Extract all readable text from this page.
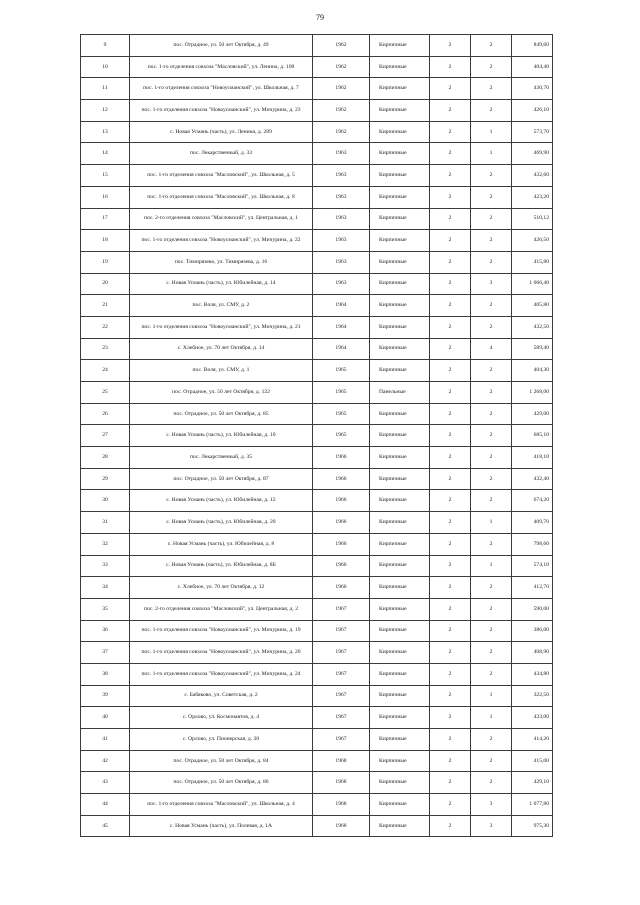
79
9	пос. Отрадное, ул. 50 лет Октября, д. 49	1962	Кирпичные	2	2	849,60
10	пос. 1-го отделения совхоза "Масловский", ул. Ленина, д. 108	1962	Кирпичные	2	2	404,40
11	пос. 1-го отделения совхоза "Новоусманский", ул. Школьная, д. 7	1962	Кирпичные	2	2	430,70
12	пос. 1-го отделения совхоза "Новоусманский", ул. Мичурина, д. 23	1962	Кирпичные	2	2	426,10
13	с. Новая Усмань (часть), ул. Ленина, д. 289	1962	Кирпичные	2	1	573,70
14	пос. Лекарственный, д. 33	1963	Кирпичные	2	1	469,90
15	пос. 1-го отделения совхоза "Масловский", ул. Школьная, д. 5	1963	Кирпичные	2	2	432,60
16	пос. 1-го отделения совхоза "Масловский", ул. Школьная, д. 8	1963	Кирпичные	2	2	423,20
17	пос. 2-го отделения совхоза "Масловский", ул. Центральная, д. 1	1963	Кирпичные	2	2	510,12
18	пос. 1-го отделения совхоза "Новоусманский", ул. Мичурина, д. 22	1963	Кирпичные	2	2	426,50
19	пос. Тимирязево, ул. Тимирязева, д. 16	1963	Кирпичные	2	2	415,80
20	с. Новая Усмань (часть), ул. Юбилейная, д. 14	1963	Кирпичные	2	3	1 066,40
21	пос. Воля, ул. СМУ, д. 2	1964	Кирпичные	2	2	405,80
22	пос. 1-го отделения совхоза "Новоусманский", ул. Мичурина, д. 21	1964	Кирпичные	2	2	432,50
23	с. Хлебное, ул. 70 лет Октября, д. 14	1964	Кирпичные	2	4	589,40
24	пос. Воля, ул. СМУ, д. 1	1965	Кирпичные	2	2	404,30
25	пос. Отрадное, ул. 50 лет Октября, д. 122	1965	Панельные	2	2	1 268,00
26	пос. Отрадное, ул. 50 лет Октября, д. 85	1965	Кирпичные	2	2	429,00
27	с. Новая Усмань (часть), ул. Юбилейная, д. 10	1965	Кирпичные	2	2	685,10
28	пос. Лекарственный, д. 35	1966	Кирпичные	2	2	418,10
29	пос. Отрадное, ул. 50 лет Октября, д. 87	1966	Кирпичные	2	2	432,40
30	с. Новая Усмань (часть), ул. Юбилейная, д. 12	1966	Кирпичные	2	2	674,20
31	с. Новая Усмань (часть), ул. Юбилейная, д. 20	1966	Кирпичные	2	1	409,70
32	с. Новая Усмань (часть), ул. Юбилейная, д. 8	1966	Кирпичные	2	2	798,60
33	с. Новая Усмань (часть), ул. Юбилейная, д. 8Б	1966	Кирпичные	2	1	574,10
34	с. Хлебное, ул. 70 лет Октября, д. 12	1966	Кирпичные	2	2	412,70
35	пос. 2-го отделения совхоза "Масловский", ул. Центральная, д. 2	1967	Кирпичные	2	2	590,00
36	пос. 1-го отделения совхоза "Новоусманский", ул. Мичурина, д. 19	1967	Кирпичные	2	2	386,00
37	пос. 1-го отделения совхоза "Новоусманский", ул. Мичурина, д. 20	1967	Кирпичные	2	2	408,90
38	пос. 1-го отделения совхоза "Новоусманский", ул. Мичурина, д. 24	1967	Кирпичные	2	2	434,80
39	с. Бабяково, ул. Советская, д. 2	1967	Кирпичные	2	1	322,50
40	с. Орлово, ул. Космонавтов, д. 4	1967	Кирпичные	2	1	433,00
41	с. Орлово, ул. Пионерская, д. 30	1967	Кирпичные	2	2	414,20
42	пос. Отрадное, ул. 50 лет Октября, д. 84	1968	Кирпичные	2	2	415,00
43	пос. Отрадное, ул. 50 лет Октября, д. 86	1968	Кирпичные	2	2	429,10
44	пос. 1-го отделения совхоза "Масловский", ул. Школьная, д. 4	1968	Кирпичные	2	3	1 077,80
45	с. Новая Усмань (часть), ул. Полевая, д. 1А	1968	Кирпичные	2	3	975,30
